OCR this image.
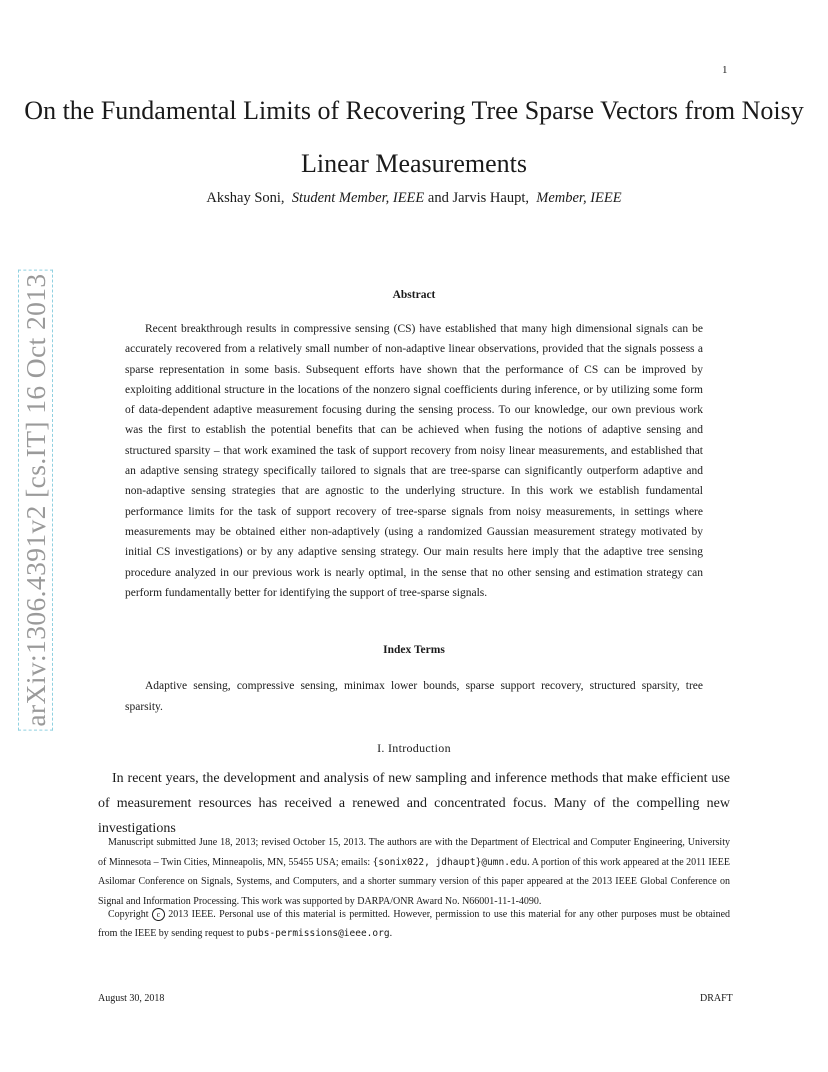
1
On the Fundamental Limits of Recovering Tree Sparse Vectors from Noisy Linear Measurements
Akshay Soni, Student Member, IEEE and Jarvis Haupt, Member, IEEE
arXiv:1306.4391v2 [cs.IT] 16 Oct 2013	Abstract
Recent breakthrough results in compressive sensing (CS) have established that many high dimensional signals can be accurately recovered from a relatively small number of non-adaptive linear observations, provided that the signals possess a sparse representation in some basis. Subsequent efforts have shown that the performance of CS can be improved by exploiting additional structure in the locations of the nonzero signal coefficients during inference, or by utilizing some form of data-dependent adaptive measurement focusing during the sensing process. To our knowledge, our own previous work was the first to establish the potential benefits that can be achieved when fusing the notions of adaptive sensing and structured sparsity – that work examined the task of support recovery from noisy linear measurements, and established that an adaptive sensing strategy specifically tailored to signals that are tree-sparse can significantly outperform adaptive and non-adaptive sensing strategies that are agnostic to the underlying structure. In this work we establish fundamental performance limits for the task of support recovery of tree-sparse signals from noisy measurements, in settings where measurements may be obtained either non-adaptively (using a randomized Gaussian measurement strategy motivated by initial CS investigations) or by any adaptive sensing strategy. Our main results here imply that the adaptive tree sensing procedure analyzed in our previous work is nearly optimal, in the sense that no other sensing and estimation strategy can perform fundamentally better for identifying the support of tree-sparse signals.
Index Terms
Adaptive sensing, compressive sensing, minimax lower bounds, sparse support recovery, structured sparsity, tree sparsity.
I. Introduction
In recent years, the development and analysis of new sampling and inference methods that make efficient use of measurement resources has received a renewed and concentrated focus. Many of the compelling new investigations
Manuscript submitted June 18, 2013; revised October 15, 2013. The authors are with the Department of Electrical and Computer Engineering, University of Minnesota – Twin Cities, Minneapolis, MN, 55455 USA; emails: {sonix022, jdhaupt}@umn.edu. A portion of this work appeared at the 2011 IEEE Asilomar Conference on Signals, Systems, and Computers, and a shorter summary version of this paper appeared at the 2013 IEEE Global Conference on Signal and Information Processing. This work was supported by DARPA/ONR Award No. N66001-11-1-4090.
Copyright c 2013 IEEE. Personal use of this material is permitted. However, permission to use this material for any other purposes must be obtained from the IEEE by sending request to pubs-permissions@ieee.org.
August 30, 2018	DRAFT
